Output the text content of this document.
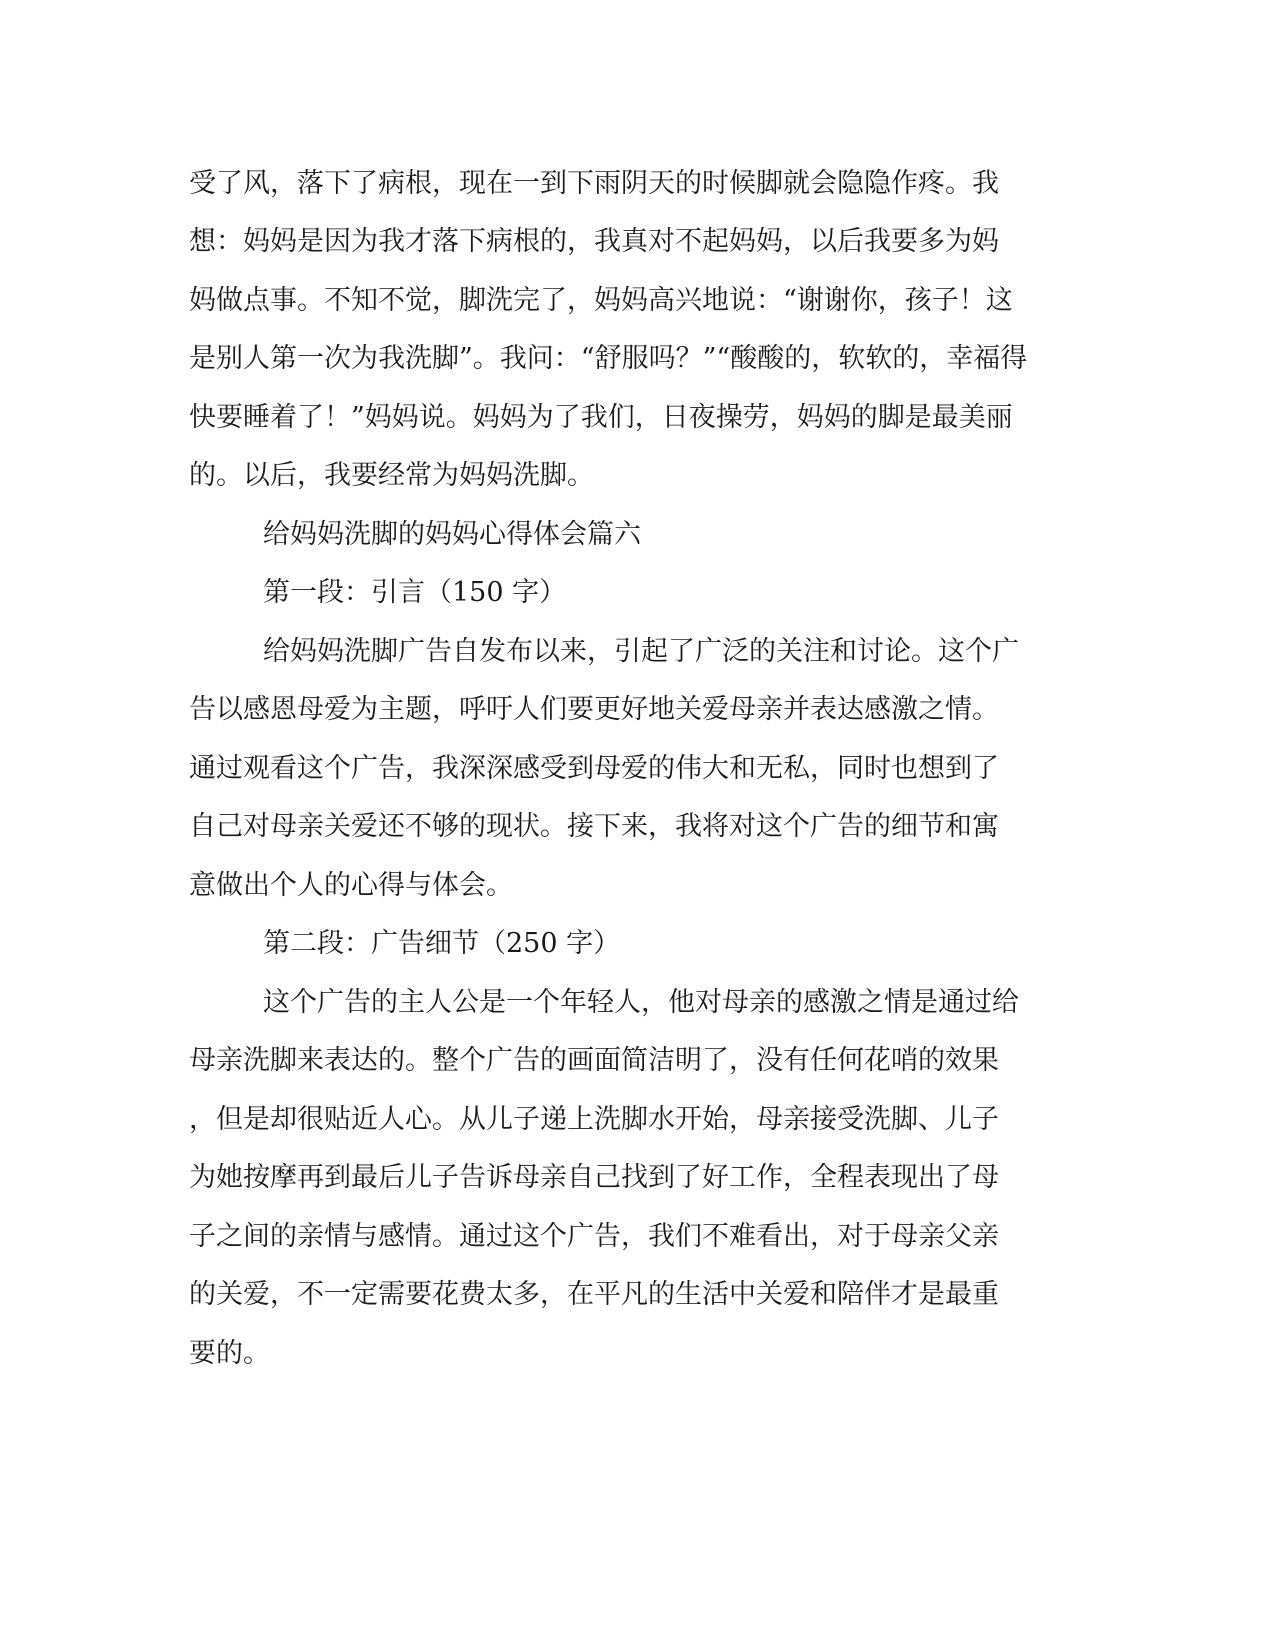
受了风，落下了病根，现在一到下雨阴天的时候脚就会隐隐作疼。我

想：妈妈是因为我才落下病根的，我真对不起妈妈，以后我要多为妈

妈做点事。不知不觉，脚洗完了，妈妈高兴地说：“谢谢你，孩子！这

是别人第一次为我洗脚”。我问：“舒服吗？”“酸酸的，软软的，幸福得

快要睡着了！”妈妈说。妈妈为了我们，日夜操劳，妈妈的脚是最美丽

的。以后，我要经常为妈妈洗脚。

给妈妈洗脚的妈妈心得体会篇六

第一段：引言（150 字）

给妈妈洗脚广告自发布以来，引起了广泛的关注和讨论。这个广

告以感恩母爱为主题，呼吁人们要更好地关爱母亲并表达感激之情。

通过观看这个广告，我深深感受到母爱的伟大和无私，同时也想到了

自己对母亲关爱还不够的现状。接下来，我将对这个广告的细节和寓

意做出个人的心得与体会。

第二段：广告细节（250 字）

这个广告的主人公是一个年轻人，他对母亲的感激之情是通过给

母亲洗脚来表达的。整个广告的画面简洁明了，没有任何花哨的效果

，但是却很贴近人心。从儿子递上洗脚水开始，母亲接受洗脚、儿子

为她按摩再到最后儿子告诉母亲自己找到了好工作，全程表现出了母

子之间的亲情与感情。通过这个广告，我们不难看出，对于母亲父亲

的关爱，不一定需要花费太多，在平凡的生活中关爱和陪伴才是最重

要的。
